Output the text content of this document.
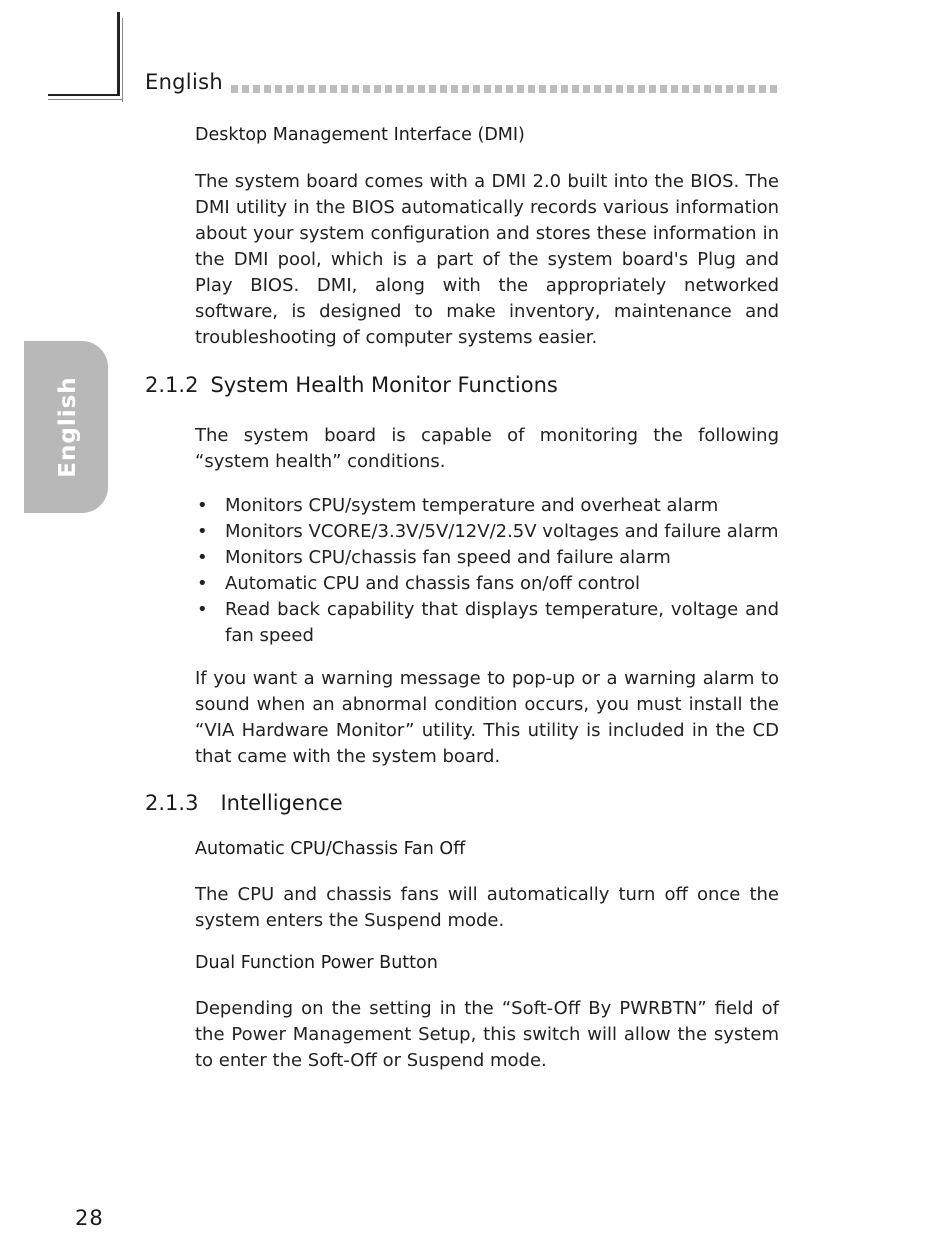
English
English
Desktop Management Interface (DMI)
The system board comes with a DMI 2.0 built into the BIOS. The DMI utility in the BIOS automatically records various information about your system configuration and stores these information in the DMI pool, which is a part of the system board's Plug and Play BIOS. DMI, along with the appropriately networked software, is designed to make inventory, maintenance and troubleshooting of computer systems easier.
2.1.2 System Health Monitor Functions
The system board is capable of monitoring the following “system health” conditions.
• Monitors CPU/system temperature and overheat alarm
• Monitors VCORE/3.3V/5V/12V/2.5V voltages and failure alarm
• Monitors CPU/chassis fan speed and failure alarm
• Automatic CPU and chassis fans on/off control
• Read back capability that displays temperature, voltage and fan speed
If you want a warning message to pop-up or a warning alarm to sound when an abnormal condition occurs, you must install the “VIA Hardware Monitor” utility. This utility is included in the CD that came with the system board.
2.1.3 Intelligence
Automatic CPU/Chassis Fan Off
The CPU and chassis fans will automatically turn off once the system enters the Suspend mode.
Dual Function Power Button
Depending on the setting in the “Soft-Off By PWRBTN” field of the Power Management Setup, this switch will allow the system to enter the Soft-Off or Suspend mode.
28
